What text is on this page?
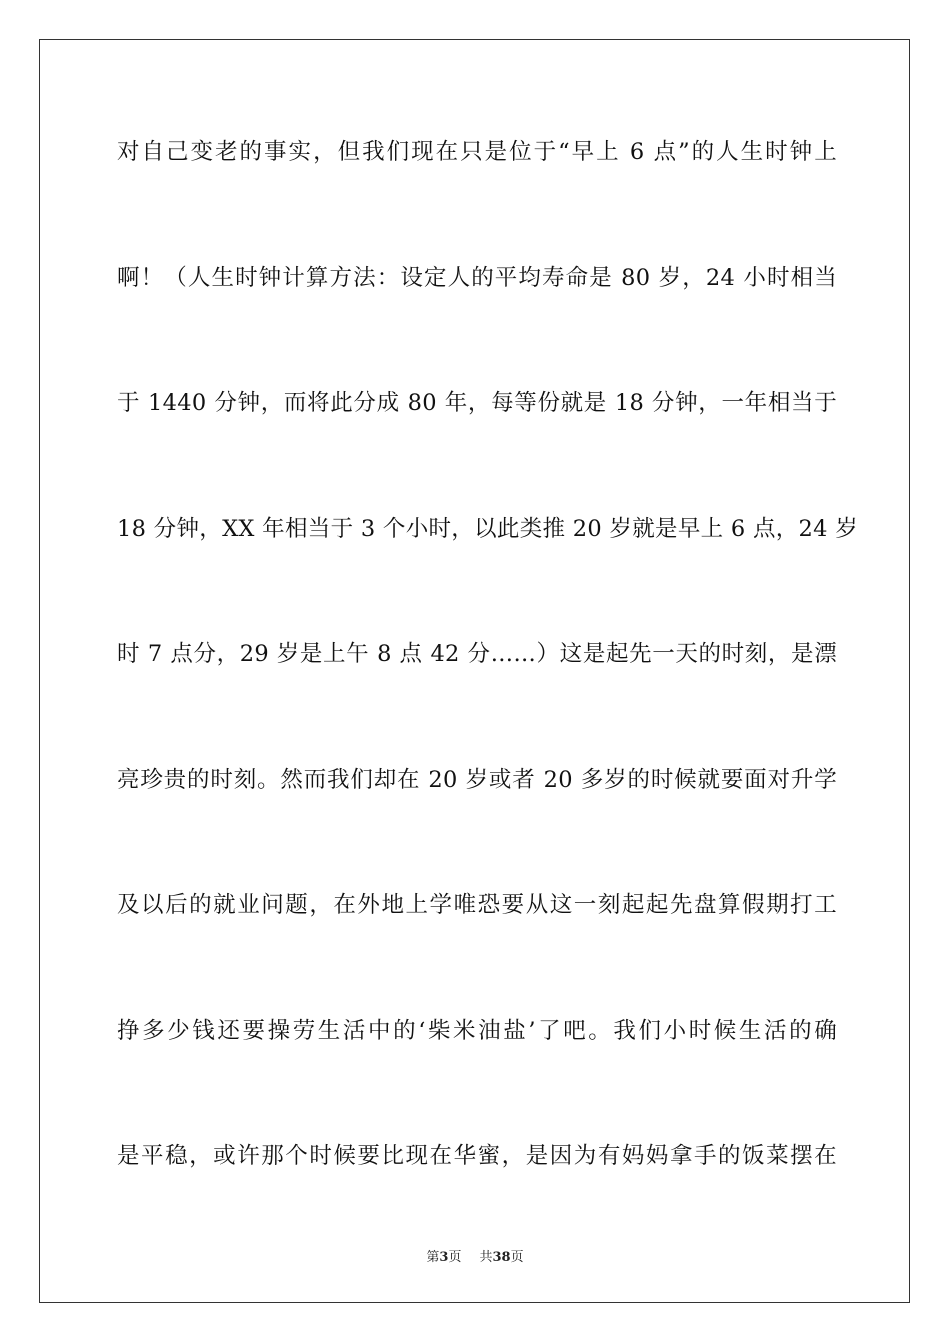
对自己变老的事实，但我们现在只是位于“早上 6 点”的人生时钟上
啊！（人生时钟计算方法：设定人的平均寿命是 80 岁，24 小时相当
于 1440 分钟，而将此分成 80 年，每等份就是 18 分钟，一年相当于
18 分钟，XX 年相当于 3 个小时，以此类推 20 岁就是早上 6 点，24 岁
时 7 点分，29 岁是上午 8 点 42 分……）这是起先一天的时刻，是漂
亮珍贵的时刻。然而我们却在 20 岁或者 20 多岁的时候就要面对升学
及以后的就业问题，在外地上学唯恐要从这一刻起起先盘算假期打工
挣多少钱还要操劳生活中的‘柴米油盐’了吧。我们小时候生活的确
是平稳，或许那个时候要比现在华蜜，是因为有妈妈拿手的饭菜摆在
第3页 共38页
